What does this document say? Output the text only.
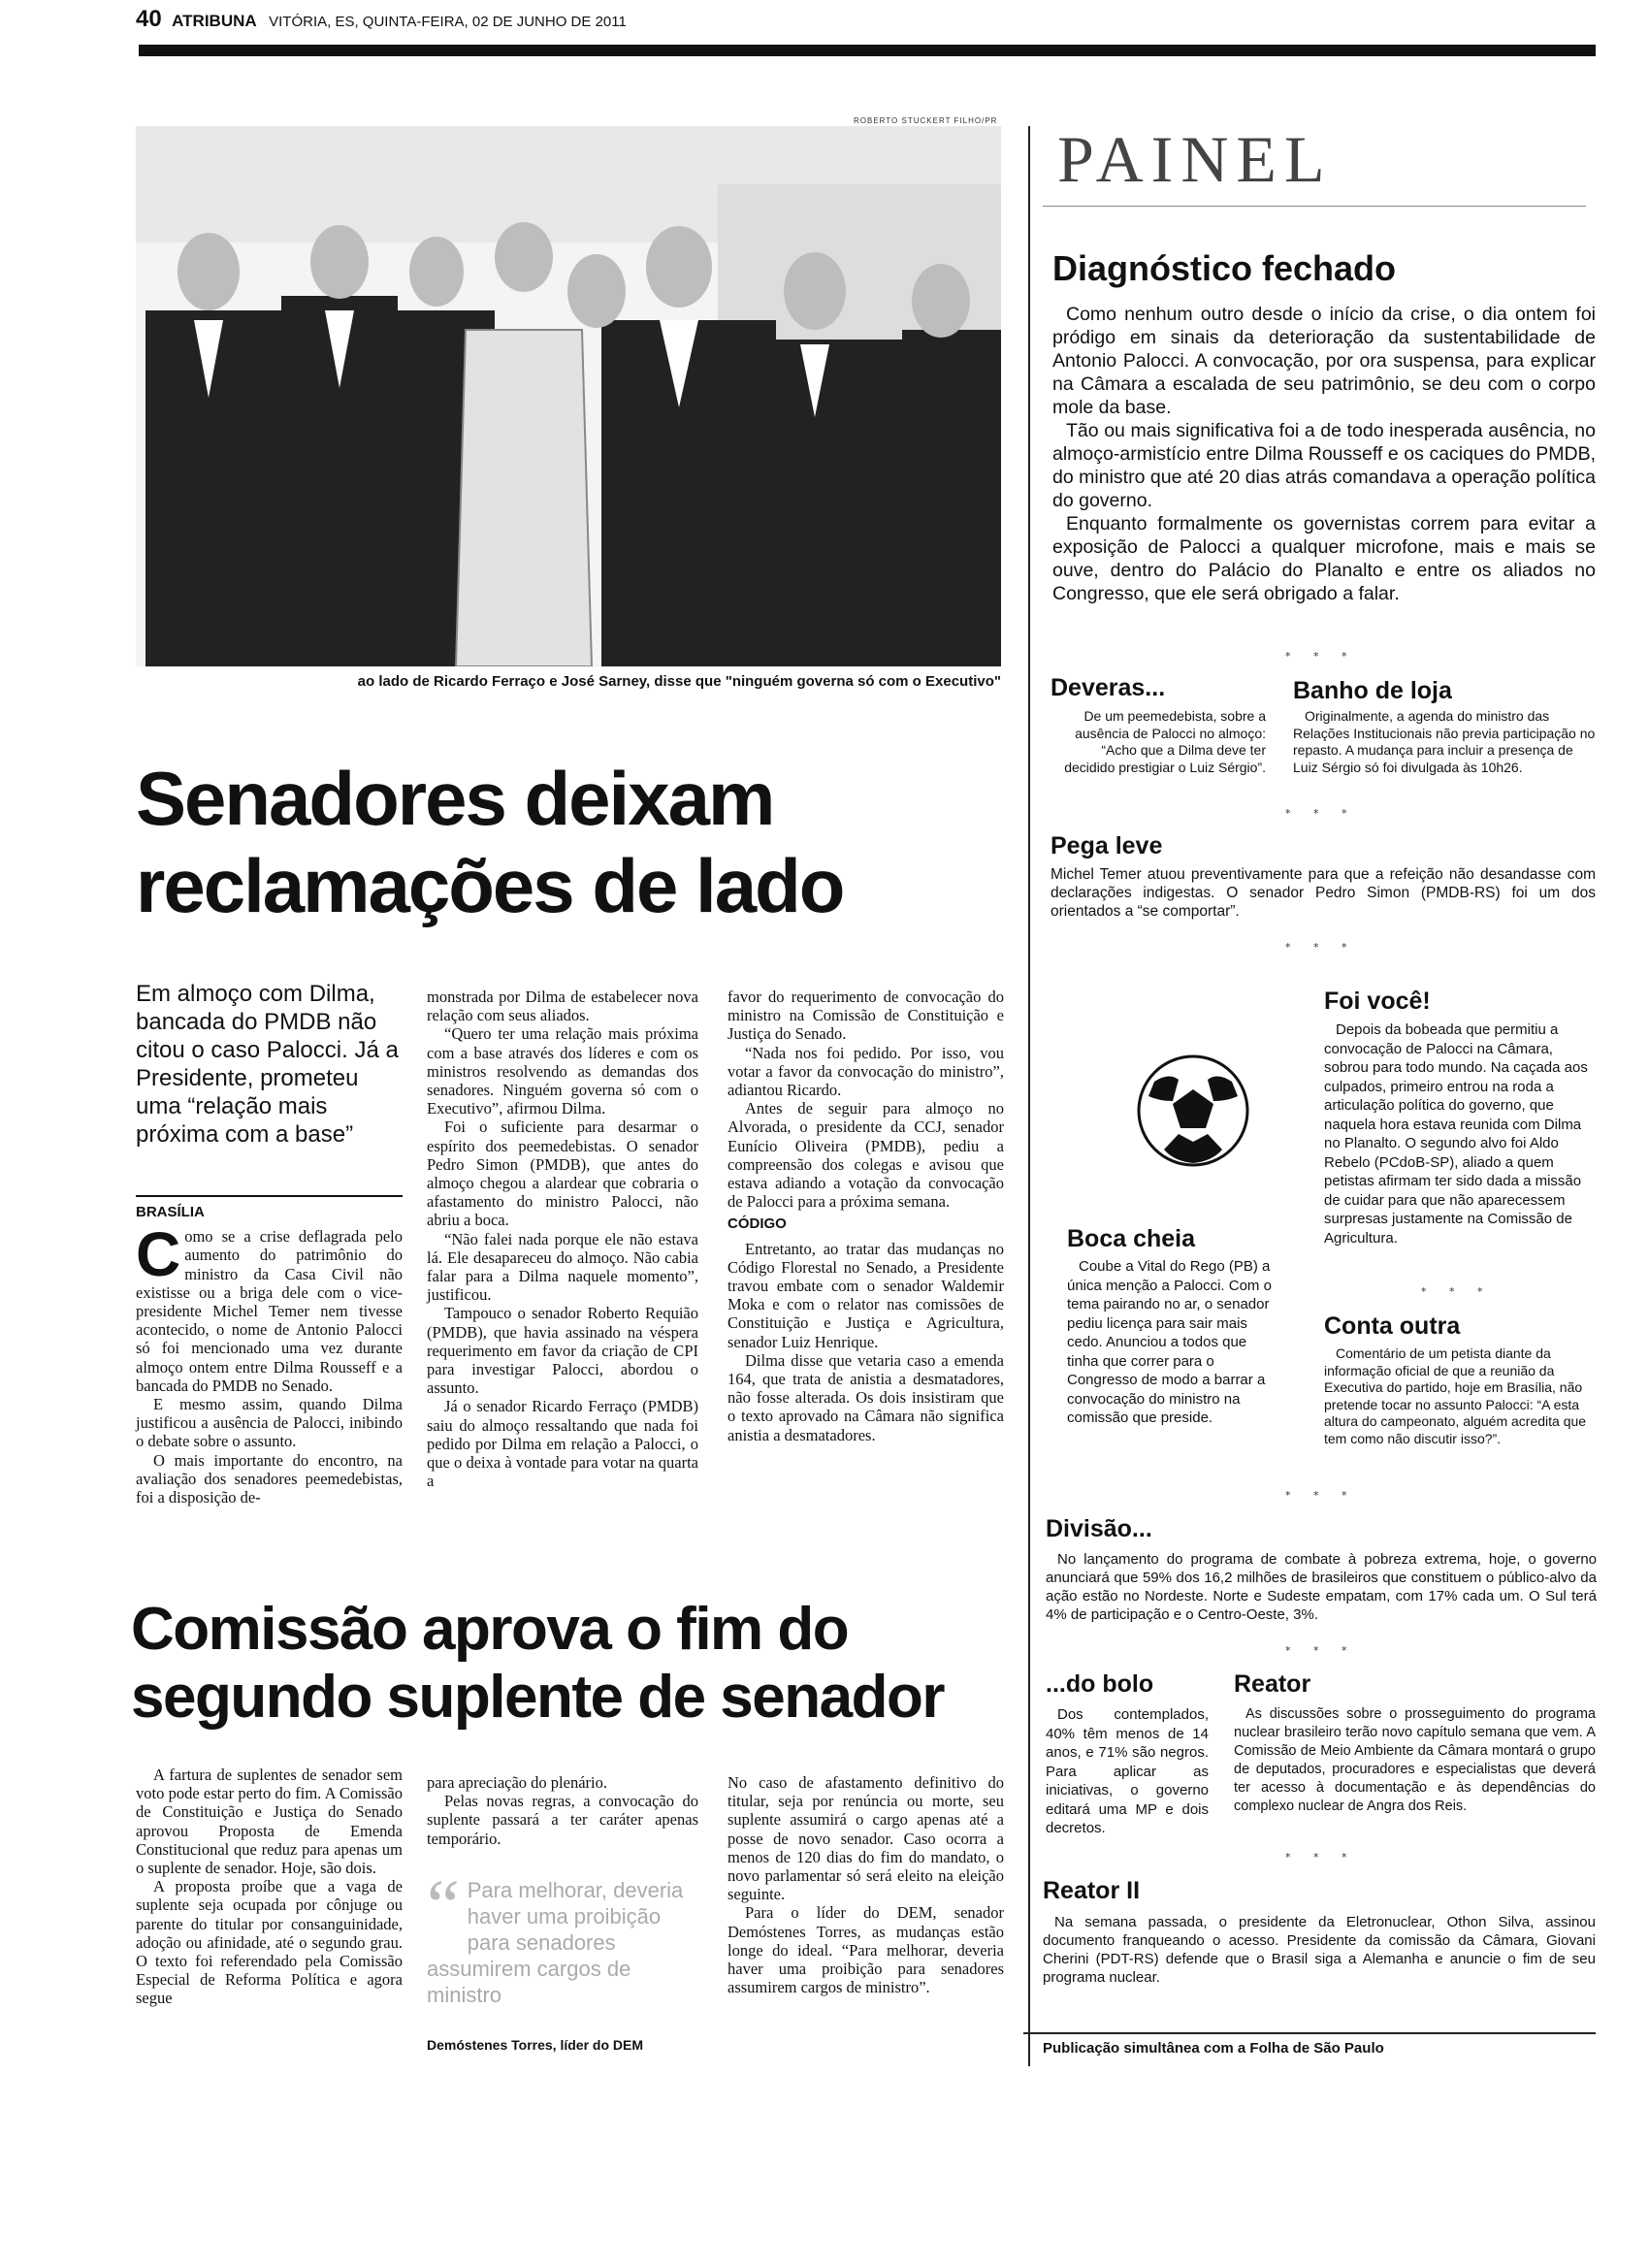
40 ATRIBUNA VITÓRIA, ES, QUINTA-FEIRA, 02 DE JUNHO DE 2011
ROBERTO STUCKERT FILHO/PR
ao lado de Ricardo Ferraço e José Sarney, disse que "ninguém governa só com o Executivo"
Senadores deixam
reclamações de lado
Em almoço com Dilma, bancada do PMDB não citou o caso Palocci. Já a Presidente, prometeu uma “relação mais próxima com a base”

BRASÍLIA

Como se a crise deflagrada pelo aumento do patrimônio do ministro da Casa Civil não existisse ou a briga dele com o vice-presidente Michel Temer nem tivesse acontecido, o nome de Antonio Palocci só foi mencionado uma vez durante almoço ontem entre Dilma Rousseff e a bancada do PMDB no Senado.

E mesmo assim, quando Dilma justificou a ausência de Palocci, inibindo o debate sobre o assunto.

O mais importante do encontro, na avaliação dos senadores peemedebistas, foi a disposição de-

monstrada por Dilma de estabelecer nova relação com seus aliados.

“Quero ter uma relação mais próxima com a base através dos líderes e com os ministros resolvendo as demandas dos senadores. Ninguém governa só com o Executivo”, afirmou Dilma.

Foi o suficiente para desarmar o espírito dos peemedebistas. O senador Pedro Simon (PMDB), que antes do almoço chegou a alardear que cobraria o afastamento do ministro Palocci, não abriu a boca.

“Não falei nada porque ele não estava lá. Ele desapareceu do almoço. Não cabia falar para a Dilma naquele momento”, justificou.

Tampouco o senador Roberto Requião (PMDB), que havia assinado na véspera requerimento em favor da criação de CPI para investigar Palocci, abordou o assunto.

Já o senador Ricardo Ferraço (PMDB) saiu do almoço ressaltando que nada foi pedido por Dilma em relação a Palocci, o que o deixa à vontade para votar na quarta a

favor do requerimento de convocação do ministro na Comissão de Constituição e Justiça do Senado.

“Nada nos foi pedido. Por isso, vou votar a favor da convocação do ministro”, adiantou Ricardo.

Antes de seguir para almoço no Alvorada, o presidente da CCJ, senador Eunício Oliveira (PMDB), pediu a compreensão dos colegas e avisou que estava adiando a votação da convocação de Palocci para a próxima semana.

CÓDIGO

Entretanto, ao tratar das mudanças no Código Florestal no Senado, a Presidente travou embate com o senador Waldemir Moka e com o relator nas comissões de Constituição e Justiça e Agricultura, senador Luiz Henrique.

Dilma disse que vetaria caso a emenda 164, que trata de anistia a desmatadores, não fosse alterada. Os dois insistiram que o texto aprovado na Câmara não significa anistia a desmatadores.

Comissão aprova o fim do
segundo suplente de senador

A fartura de suplentes de senador sem voto pode estar perto do fim. A Comissão de Constituição e Justiça do Senado aprovou Proposta de Emenda Constitucional que reduz para apenas um o suplente de senador. Hoje, são dois.

A proposta proíbe que a vaga de suplente seja ocupada por cônjuge ou parente do titular por consanguinidade, adoção ou afinidade, até o segundo grau. O texto foi referendado pela Comissão Especial de Reforma Política e agora segue

para apreciação do plenário.

Pelas novas regras, a convocação do suplente passará a ter caráter apenas temporário.

“ Para melhorar, deveria haver uma proibição para senadores assumirem cargos de ministro
Demóstenes Torres, líder do DEM

No caso de afastamento definitivo do titular, seja por renúncia ou morte, seu suplente assumirá o cargo apenas até a posse de novo senador. Caso ocorra a menos de 120 dias do fim do mandato, o novo parlamentar só será eleito na eleição seguinte.

Para o líder do DEM, senador Demóstenes Torres, as mudanças estão longe do ideal. “Para melhorar, deveria haver uma proibição para senadores assumirem cargos de ministro”.

PAINEL
Diagnóstico fechado

Como nenhum outro desde o início da crise, o dia ontem foi pródigo em sinais da deterioração da sustentabilidade de Antonio Palocci. A convocação, por ora suspensa, para explicar na Câmara a escalada de seu patrimônio, se deu com o corpo mole da base.

Tão ou mais significativa foi a de todo inesperada ausência, no almoço-armistício entre Dilma Rousseff e os caciques do PMDB, do ministro que até 20 dias atrás comandava a operação política do governo.

Enquanto formalmente os governistas correm para evitar a exposição de Palocci a qualquer microfone, mais e mais se ouve, dentro do Palácio do Planalto e entre os aliados no Congresso, que ele será obrigado a falar.

* * *
Deveras...

De um peemedebista, sobre a ausência de Palocci no almoço: “Acho que a Dilma deve ter decidido prestigiar o Luiz Sérgio”.

Banho de loja

Originalmente, a agenda do ministro das Relações Institucionais não previa participação no repasto. A mudança para incluir a presença de Luiz Sérgio só foi divulgada às 10h26.

* * *
Pega leve

Michel Temer atuou preventivamente para que a refeição não desandasse com declarações indigestas. O senador Pedro Simon (PMDB-RS) foi um dos orientados a “se comportar”.

* * *
Foi você!

Depois da bobeada que permitiu a convocação de Palocci na Câmara, sobrou para todo mundo. Na caçada aos culpados, primeiro entrou na roda a articulação política do governo, que naquela hora estava reunida com Dilma no Planalto. O segundo alvo foi Aldo Rebelo (PCdoB-SP), aliado a quem petistas afirmam ter sido dada a missão de cuidar para que não aparecessem surpresas justamente na Comissão de Agricultura.

Boca cheia

Coube a Vital do Rego (PB) a única menção a Palocci. Com o tema pairando no ar, o senador pediu licença para sair mais cedo. Anunciou a todos que tinha que correr para o Congresso de modo a barrar a convocação do ministro na comissão que preside.

* * *
Conta outra

Comentário de um petista diante da informação oficial de que a reunião da Executiva do partido, hoje em Brasília, não pretende tocar no assunto Palocci: “A esta altura do campeonato, alguém acredita que tem como não discutir isso?”.

* * *
Divisão...

No lançamento do programa de combate à pobreza extrema, hoje, o governo anunciará que 59% dos 16,2 milhões de brasileiros que constituem o público-alvo da ação estão no Nordeste. Norte e Sudeste empatam, com 17% cada um. O Sul terá 4% de participação e o Centro-Oeste, 3%.

* * *
...do bolo

Dos contemplados, 40% têm menos de 14 anos, e 71% são negros. Para aplicar as iniciativas, o governo editará uma MP e dois decretos.

Reator

As discussões sobre o prosseguimento do programa nuclear brasileiro terão novo capítulo semana que vem. A Comissão de Meio Ambiente da Câmara montará o grupo de deputados, procuradores e especialistas que deverá ter acesso à documentação e às dependências do complexo nuclear de Angra dos Reis.

* * *
Reator II

Na semana passada, o presidente da Eletronuclear, Othon Silva, assinou documento franqueando o acesso. Presidente da comissão da Câmara, Giovani Cherini (PDT-RS) defende que o Brasil siga a Alemanha e anuncie o fim de seu programa nuclear.

Publicação simultânea com a Folha de São Paulo
